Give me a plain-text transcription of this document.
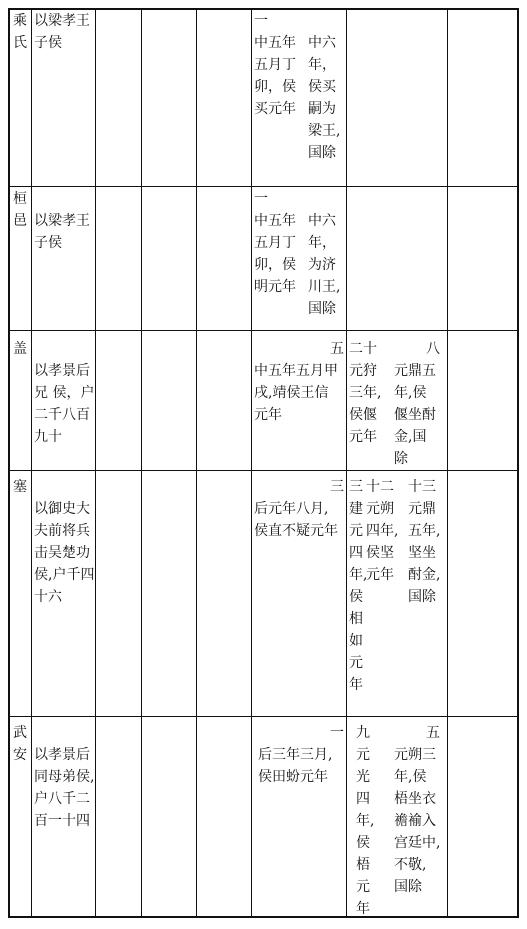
乘
氏
以梁孝王
子侯
一
中五年
五月丁
卯，侯
买元年
中六
年，
侯买
嗣为
梁王,
国除
桓
邑 以梁孝王
子侯
一
中五年
五月丁
卯，侯
明元年
中六
年，
为济
川王,
国除
盖
以孝景后
兄 侯，户
二千八百
九十
五
中五年五月甲
戌,靖侯王信
元年
二十
元狩
三年,
侯偃
元年
八
元鼎五
年,侯
偃坐酎
金,国
除
塞
以御史大
夫前将兵
击吴楚功
侯,户千四
十六
三
后元年八月,
侯直不疑元年
三
建
元
四
年,
侯
相
如
元
年
十二
元朔
四年,
侯坚
元年
十三
元鼎
五年,
坚坐
酎金,
国除
武
安 以孝景后
同母弟侯,
户八千二
百一十四
一
后三年三月,
侯田蚡元年
九
元
光
四
年,
侯
梧
元
年
五
元朔三
年,侯
梧坐衣
襜褕入
宫廷中,
不敬,
国除
